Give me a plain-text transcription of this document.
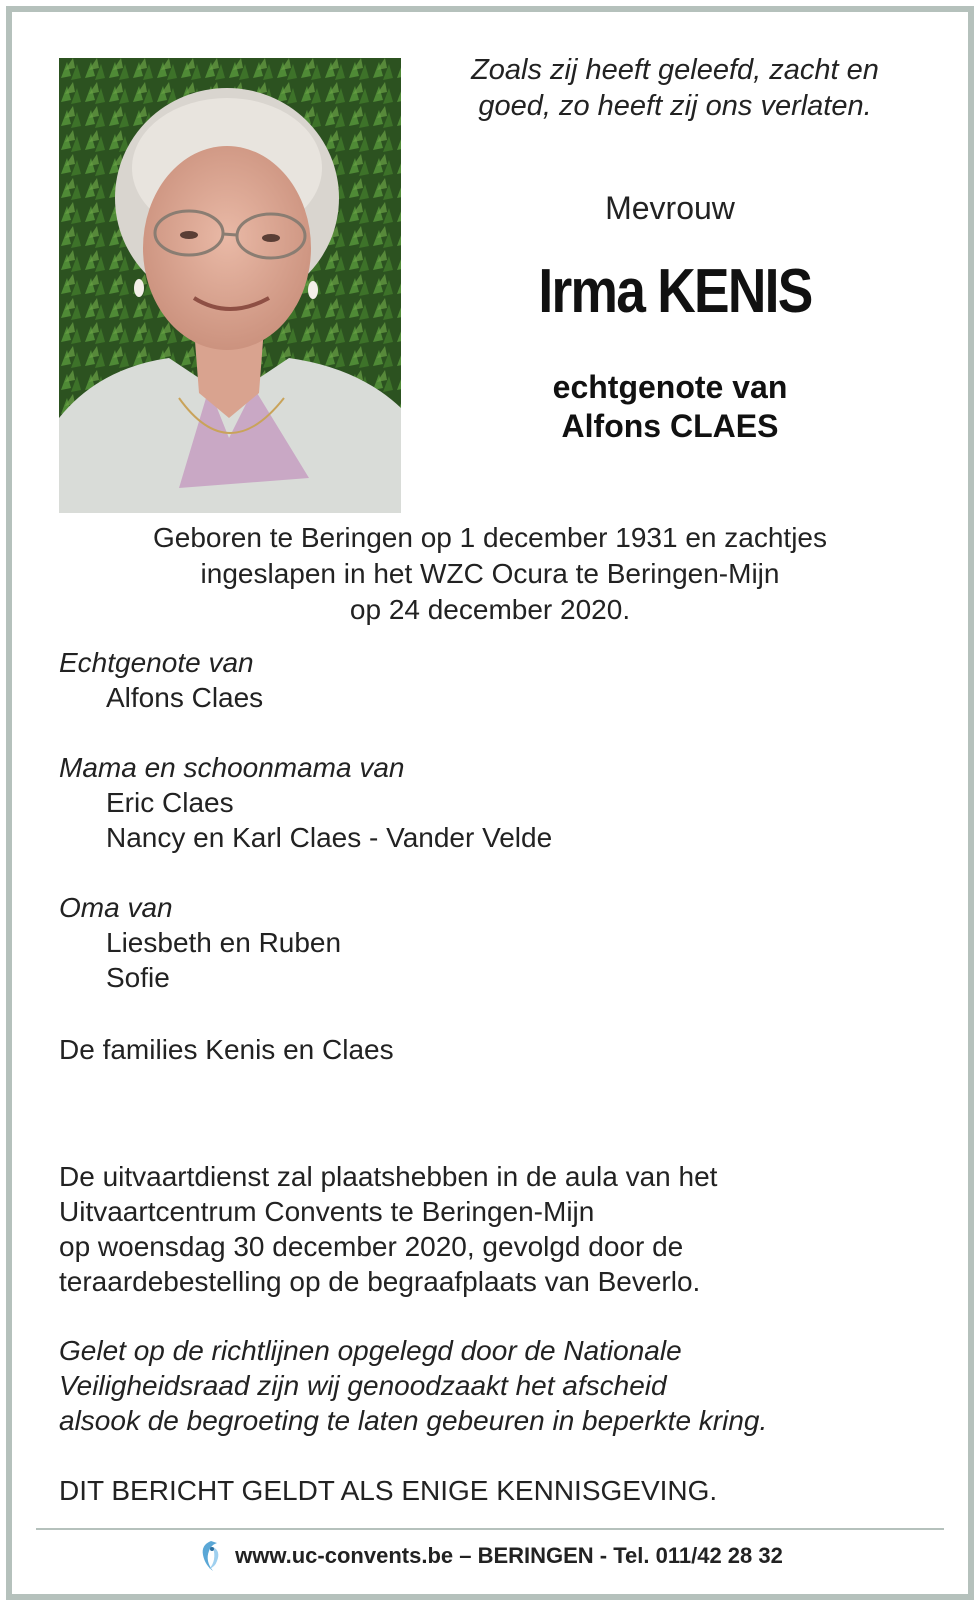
Zoals zij heeft geleefd, zacht en
goed, zo heeft zij ons verlaten.
Mevrouw
Irma KENIS
echtgenote van
Alfons CLAES
Geboren te Beringen op 1 december 1931 en zachtjes
ingeslapen in het WZC Ocura te Beringen-Mijn
op 24 december 2020.
Echtgenote van
Alfons Claes
Mama en schoonmama van
Eric Claes
Nancy en Karl Claes - Vander Velde
Oma van
Liesbeth en Ruben
Sofie
De families Kenis en Claes
De uitvaartdienst zal plaatshebben in de aula van het
Uitvaartcentrum Convents te Beringen-Mijn
op woensdag 30 december 2020, gevolgd door de
teraardebestelling op de begraafplaats van Beverlo.
Gelet op de richtlijnen opgelegd door de Nationale
Veiligheidsraad zijn wij genoodzaakt het afscheid
alsook de begroeting te laten gebeuren in beperkte kring.
DIT BERICHT GELDT ALS ENIGE KENNISGEVING.
www.uc-convents.be – BERINGEN - Tel. 011/42 28 32
